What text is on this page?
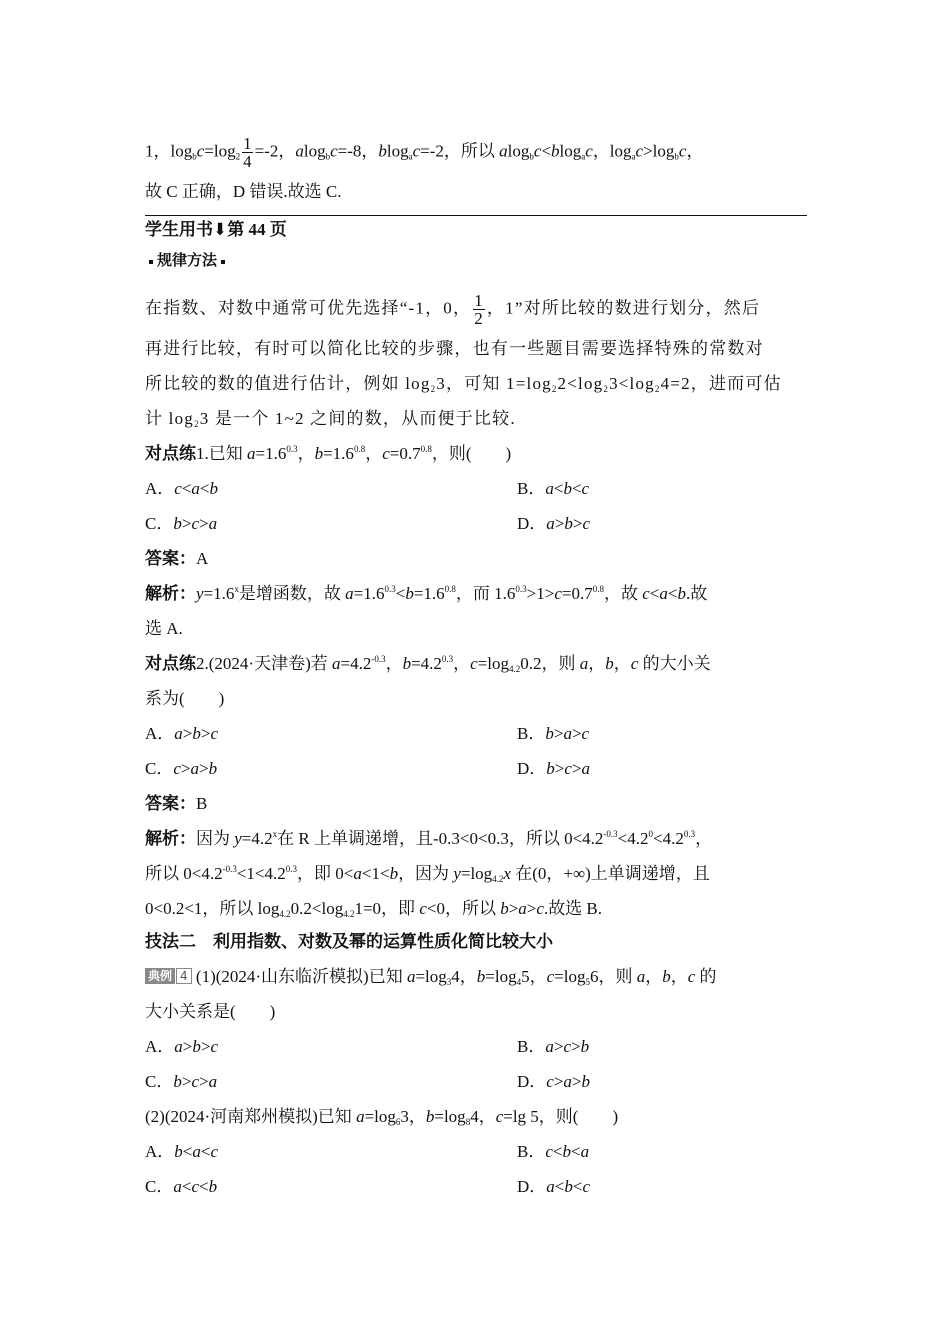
1，$\log_bc=\log_2 \frac{1}{4} =-2$，alog$_b$c=-8，blog$_a$c=-2，所以 alog$_b$c<blog$_a$c，$\log_ac>\log_bc$，
故 C 正确，D 错误.故选 C.
学生用书⬇第 44 页
规律方法
在指数、对数中通常可优先选择“-1，0， $\frac{1}{2}$ ，1”对所比较的数进行划分，然后
再进行比较，有时可以简化比较的步骤，也有一些题目需要选择特殊的常数对
所比较的数的值进行估计，例如 $\log_23$，可知 $1=\log_22<\log_23<\log_24=2$，进而可估
计 $\log_23$ 是一个 1~2 之间的数，从而便于比较.
对点练1.已知 $a=1.6^{0.3}$，$b=1.6^{0.8}$，$c=0.7^{0.8}$，则(　　)
A．c<a<b	B．a<b<c
C．b>c>a	D．a>b>c
答案：A
解析：$y=1.6^x$是增函数，故 $a=1.6^{0.3}<b=1.6^{0.8}$，而 $1.6^{0.3}>1>c=0.7^{0.8}$，故 c<a<b.故
选 A.
对点练2.(2024·天津卷)若 $a=4.2^{-0.3}$，$b=4.2^{0.3}$，$c=\log_{4.2}0.2$，则 a，b，c 的大小关
系为(　　)
A．a>b>c	B．b>a>c
C．c>a>b	D．b>c>a
答案：B
解析：因为 $y=4.2^x$在 R 上单调递增，且-0.3<0<0.3，所以 $0<4.2^{-0.3}<4.2^0<4.2^{0.3}$，
所以 $0<4.2^{-0.3}<1<4.2^{0.3}$，即 0<a<1<b，因为 $y=\log_{4.2}x$ 在(0，+∞)上单调递增，且
0<0.2<1，所以 $\log_{4.2}0.2<\log_{4.2}1=0$，即 c<0，所以 b>a>c.故选 B.
技法二　利用指数、对数及幂的运算性质化简比较大小
典例 4 (1)(2024·山东临沂模拟)已知 $a=\log_34$，$b=\log_45$，$c=\log_56$，则 a，b，c 的
大小关系是(　　)
A．a>b>c	B．a>c>b
C．b>c>a	D．c>a>b
(2)(2024·河南郑州模拟)已知 $a=\log_63$，$b=\log_84$，c=lg 5，则(　　)
A．b<a<c	B．c<b<a
C．a<c<b	D．a<b<c
